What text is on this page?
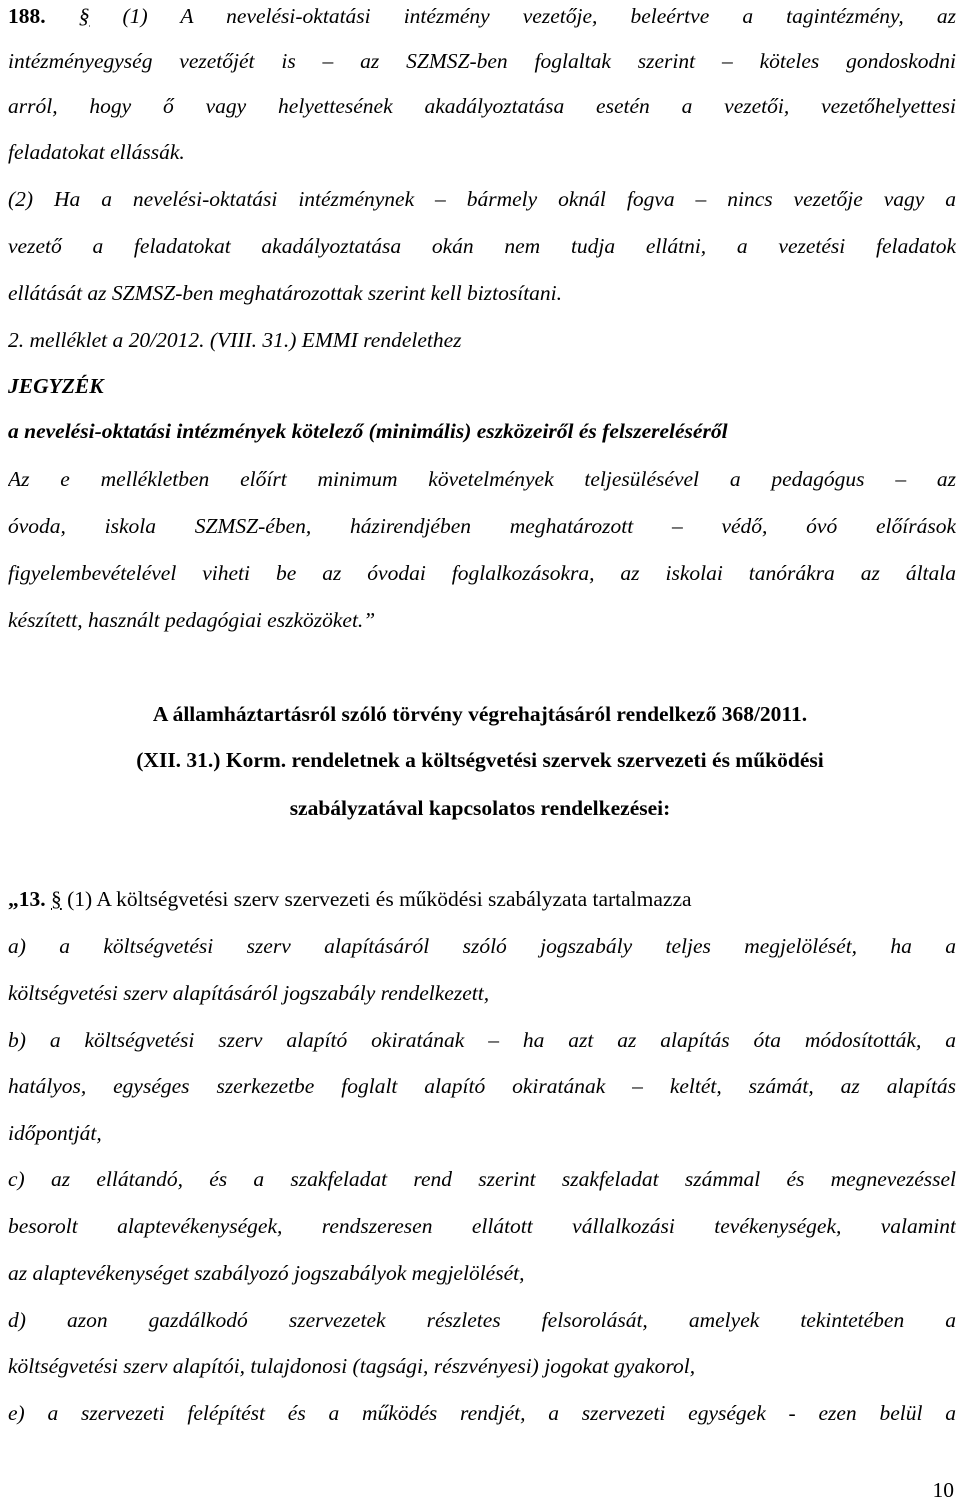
188. § (1) A nevelési-oktatási intézmény vezetője, beleértve a tagintézmény, az
intézményegység vezetőjét is – az SZMSZ-ben foglaltak szerint – köteles gondoskodni
arról, hogy ő vagy helyettesének akadályoztatása esetén a vezetői, vezetőhelyettesi
feladatokat ellássák.
(2) Ha a nevelési-oktatási intézménynek – bármely oknál fogva – nincs vezetője vagy a
vezető a feladatokat akadályoztatása okán nem tudja ellátni, a vezetési feladatok
ellátását az SZMSZ-ben meghatározottak szerint kell biztosítani.
2. melléklet a 20/2012. (VIII. 31.) EMMI rendelethez
JEGYZÉK
a nevelési-oktatási intézmények kötelező (minimális) eszközeiről és felszereléséről
Az e mellékletben előírt minimum követelmények teljesülésével a pedagógus – az
óvoda, iskola SZMSZ-ében, házirendjében meghatározott – védő, óvó előírások
figyelembevételével viheti be az óvodai foglalkozásokra, az iskolai tanórákra az általa
készített, használt pedagógiai eszközöket.”
A államháztartásról szóló törvény végrehajtásáról rendelkező 368/2011.
(XII. 31.) Korm. rendeletnek a költségvetési szervek szervezeti és működési
szabályzatával kapcsolatos rendelkezései:
„13. § (1) A költségvetési szerv szervezeti és működési szabályzata tartalmazza
a) a költségvetési szerv alapításáról szóló jogszabály teljes megjelölését, ha a
költségvetési szerv alapításáról jogszabály rendelkezett,
b) a költségvetési szerv alapító okiratának – ha azt az alapítás óta módosították, a
hatályos, egységes szerkezetbe foglalt alapító okiratának – keltét, számát, az alapítás
időpontját,
c) az ellátandó, és a szakfeladat rend szerint szakfeladat számmal és megnevezéssel
besorolt alaptevékenységek, rendszeresen ellátott vállalkozási tevékenységek, valamint
az alaptevékenységet szabályozó jogszabályok megjelölését,
d) azon gazdálkodó szervezetek részletes felsorolását, amelyek tekintetében a
költségvetési szerv alapítói, tulajdonosi (tagsági, részvényesi) jogokat gyakorol,
e) a szervezeti felépítést és a működés rendjét, a szervezeti egységek - ezen belül a
10
